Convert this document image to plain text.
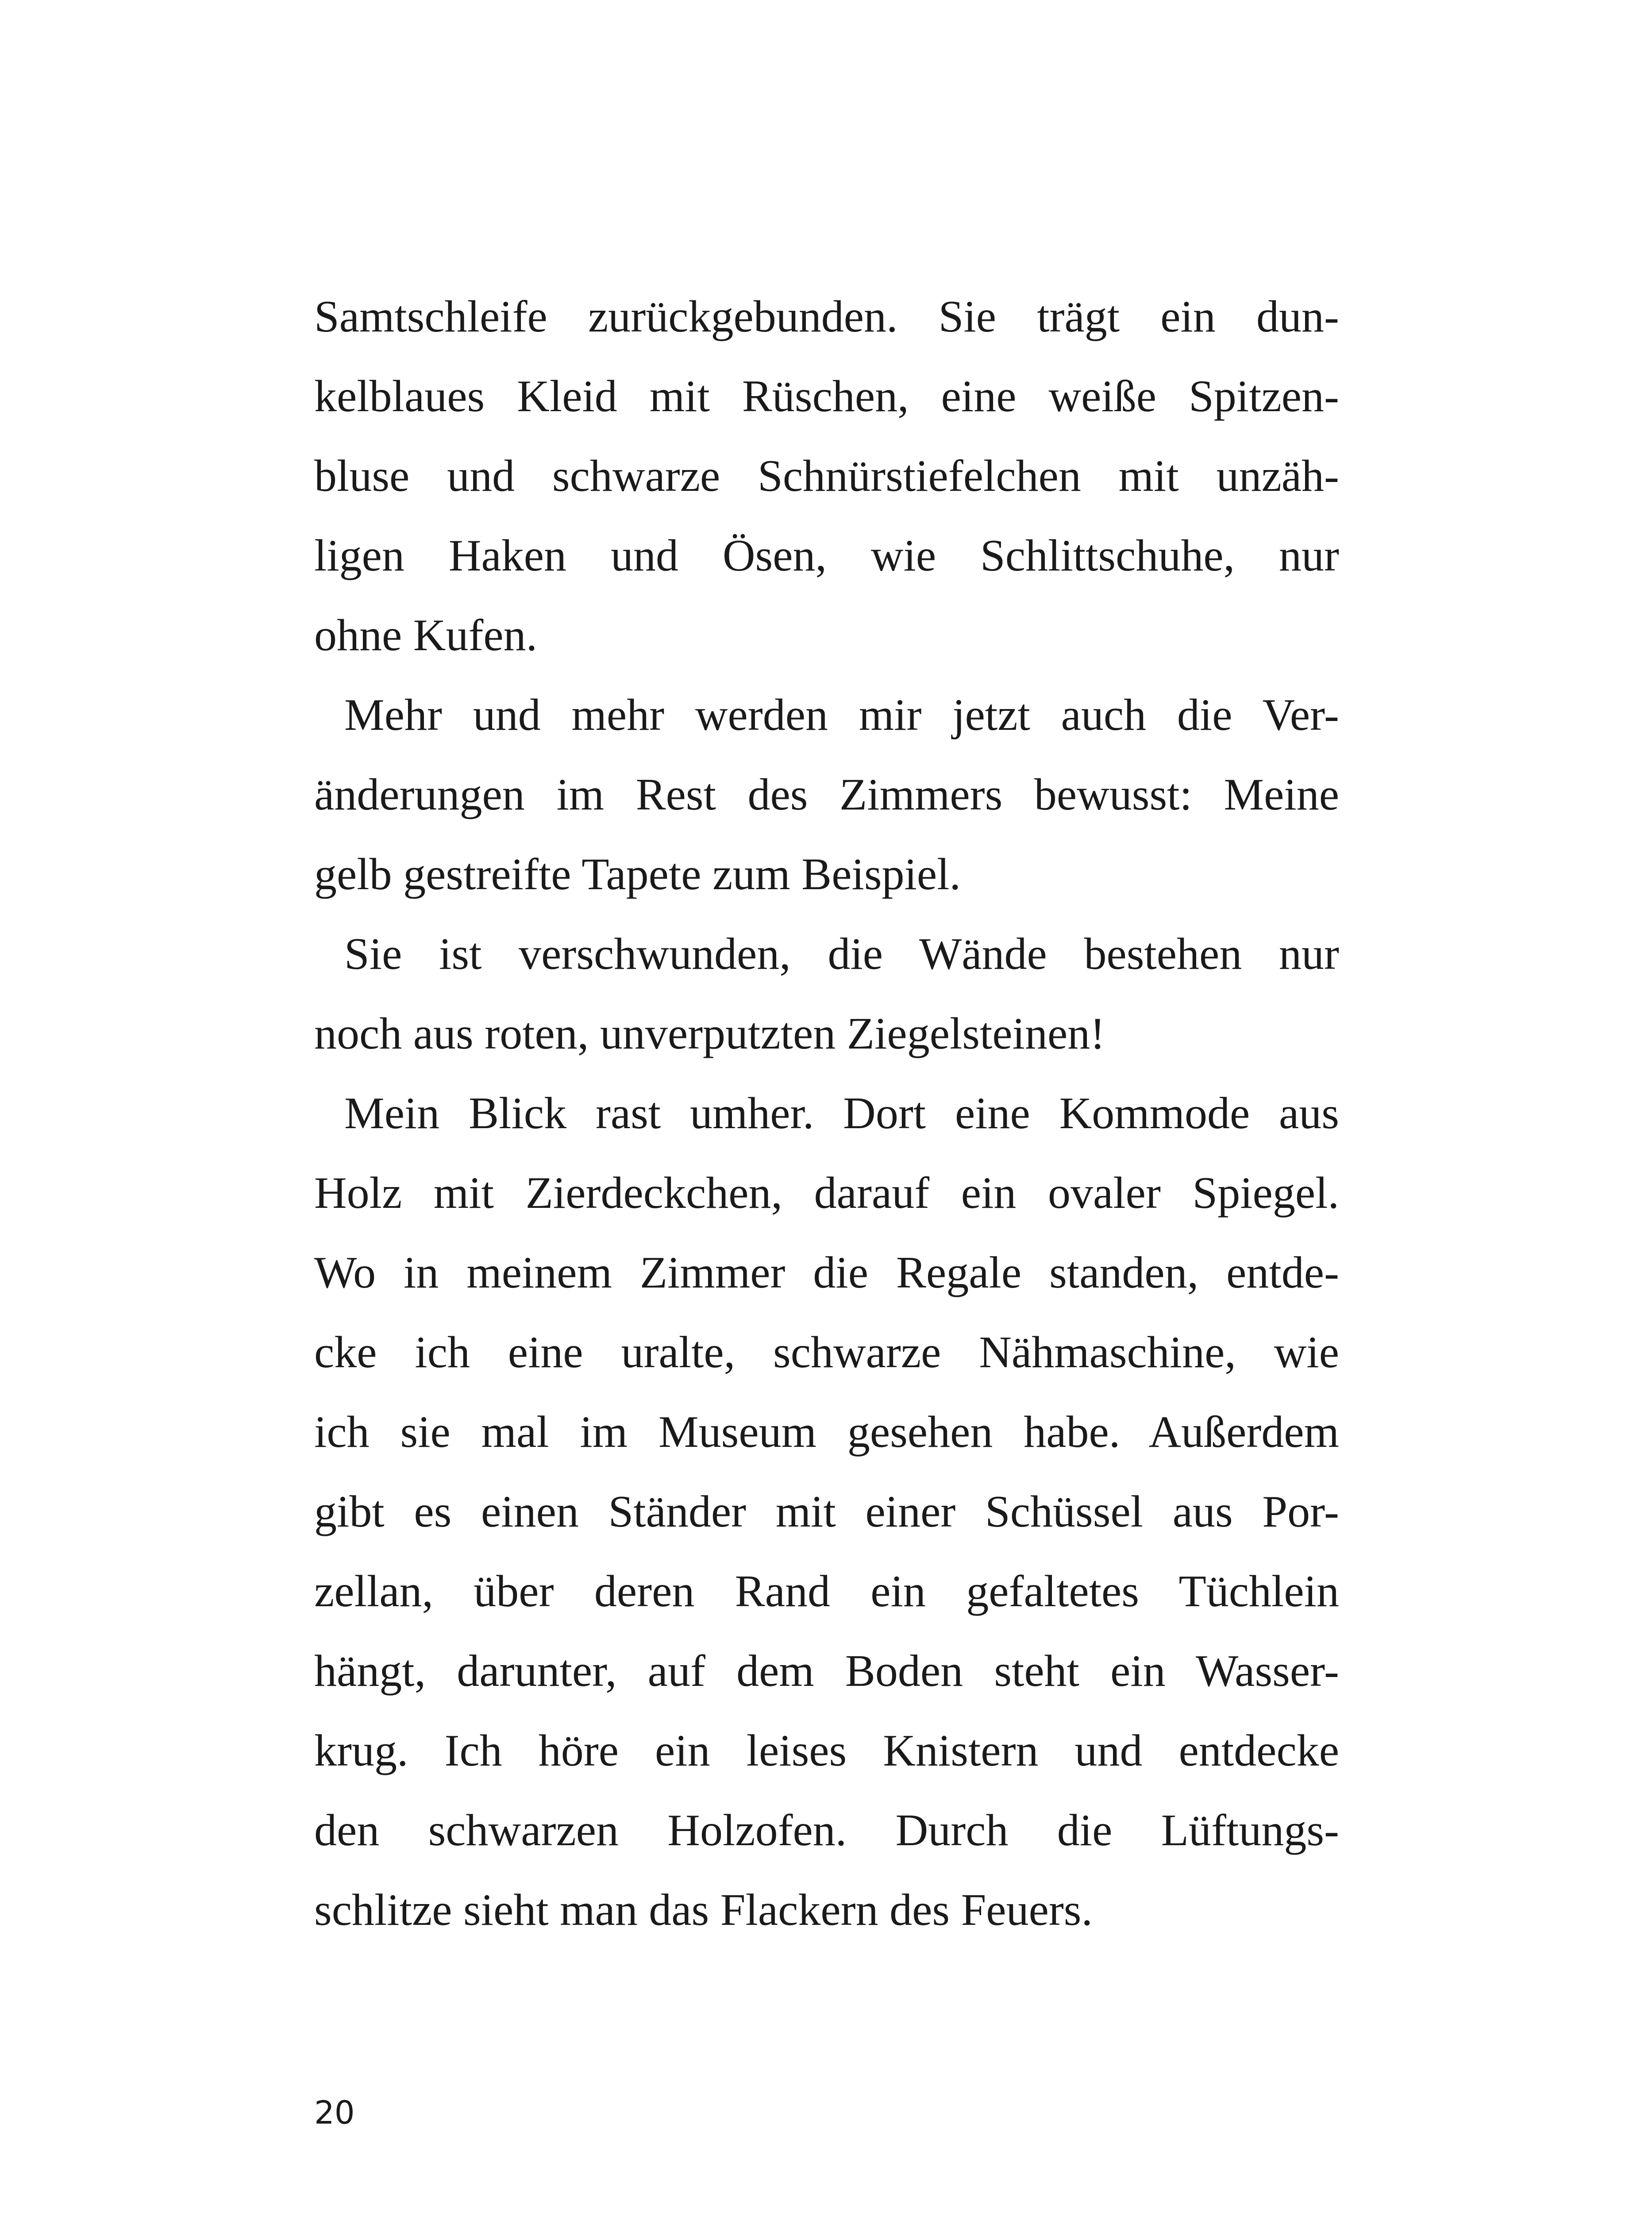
Samtschleife zurückgebunden. Sie trägt ein dun-
kelblaues Kleid mit Rüschen, eine weiße Spitzen-
bluse und schwarze Schnürstiefelchen mit unzäh-
ligen Haken und Ösen, wie Schlittschuhe, nur
ohne Kufen.
Mehr und mehr werden mir jetzt auch die Ver-
änderungen im Rest des Zimmers bewusst: Meine
gelb gestreifte Tapete zum Beispiel.
Sie ist verschwunden, die Wände bestehen nur
noch aus roten, unverputzten Ziegelsteinen!
Mein Blick rast umher. Dort eine Kommode aus
Holz mit Zierdeckchen, darauf ein ovaler Spiegel.
Wo in meinem Zimmer die Regale standen, entde-
cke ich eine uralte, schwarze Nähmaschine, wie
ich sie mal im Museum gesehen habe. Außerdem
gibt es einen Ständer mit einer Schüssel aus Por-
zellan, über deren Rand ein gefaltetes Tüchlein
hängt, darunter, auf dem Boden steht ein Wasser-
krug. Ich höre ein leises Knistern und entdecke
den schwarzen Holzofen. Durch die Lüftungs-
schlitze sieht man das Flackern des Feuers.
20
